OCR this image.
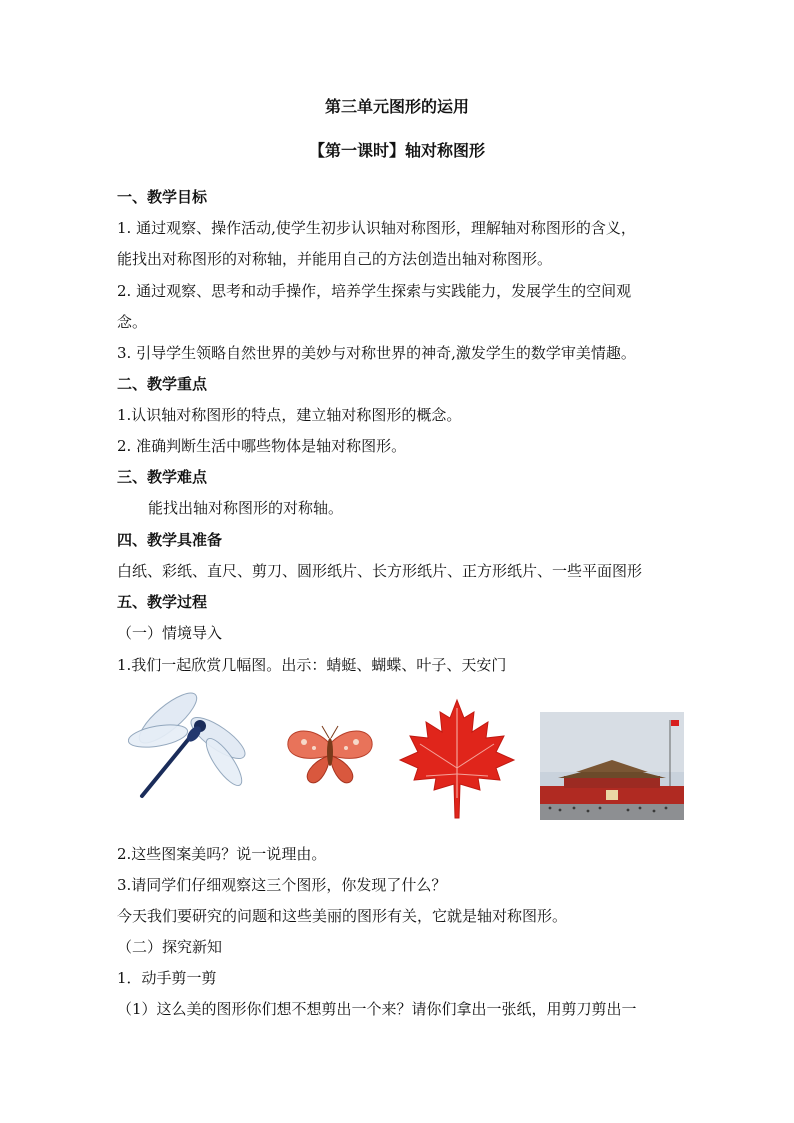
第三单元图形的运用
【第一课时】轴对称图形
一、教学目标
1. 通过观察、操作活动,使学生初步认识轴对称图形，理解轴对称图形的含义，
能找出对称图形的对称轴，并能用自己的方法创造出轴对称图形。
2. 通过观察、思考和动手操作，培养学生探索与实践能力，发展学生的空间观
念。
3. 引导学生领略自然世界的美妙与对称世界的神奇,激发学生的数学审美情趣。
二、教学重点
1.认识轴对称图形的特点，建立轴对称图形的概念。
2. 准确判断生活中哪些物体是轴对称图形。
三、教学难点
能找出轴对称图形的对称轴。
四、教学具准备
白纸、彩纸、直尺、剪刀、圆形纸片、长方形纸片、正方形纸片、一些平面图形
五、教学过程
（一）情境导入
1.我们一起欣赏几幅图。出示：蜻蜓、蝴蝶、叶子、天安门
2.这些图案美吗？说一说理由。
3.请同学们仔细观察这三个图形，你发现了什么？
今天我们要研究的问题和这些美丽的图形有关，它就是轴对称图形。
（二）探究新知
1．动手剪一剪
（1）这么美的图形你们想不想剪出一个来？请你们拿出一张纸，用剪刀剪出一
